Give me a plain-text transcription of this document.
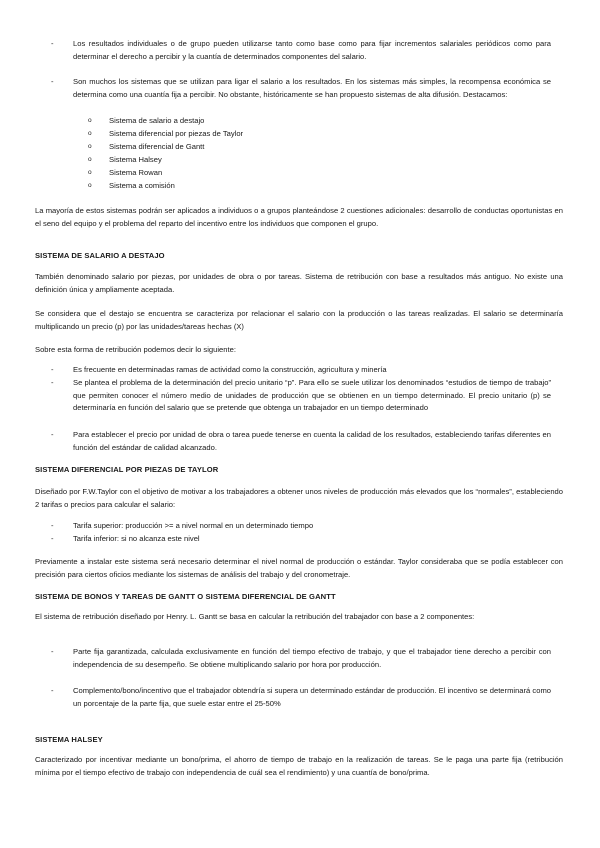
-	Los resultados individuales o de grupo pueden utilizarse tanto como base como para fijar incrementos salariales periódicos como para determinar el derecho a percibir y la cuantía de determinados componentes del salario.
-	Son muchos los sistemas que se utilizan para ligar el salario a los resultados. En los sistemas más simples, la recompensa económica se determina como una cuantía fija a percibir. No obstante, históricamente se han propuesto sistemas de alta difusión. Destacamos:
o Sistema de salario a destajo
o Sistema diferencial por piezas de Taylor
o Sistema diferencial de Gantt
o Sistema Halsey
o Sistema Rowan
o Sistema a comisión
La mayoría de estos sistemas podrán ser aplicados a individuos o a grupos planteándose 2 cuestiones adicionales: desarrollo de conductas oportunistas en el seno del equipo y el problema del reparto del incentivo entre los individuos que componen el grupo.
SISTEMA DE SALARIO A DESTAJO
También denominado salario por piezas, por unidades de obra o por tareas. Sistema de retribución con base a resultados más antiguo. No existe una definición única y ampliamente aceptada.
Se considera que el destajo se encuentra se caracteriza por relacionar el salario con la producción o las tareas realizadas. El salario se determinaría multiplicando un precio (p) por las unidades/tareas hechas (X)
Sobre esta forma de retribución podemos decir lo siguiente:
-	Es frecuente en determinadas ramas de actividad como la construcción, agricultura y minería
-	Se plantea el problema de la determinación del precio unitario “p”. Para ello se suele utilizar los denominados “estudios de tiempo de trabajo” que permiten conocer el número medio de unidades de producción que se obtienen en un tiempo determinado. El precio unitario (p) se determinaría en función del salario que se pretende que obtenga un trabajador en un tiempo determinado
-	Para establecer el precio por unidad de obra o tarea puede tenerse en cuenta la calidad de los resultados, estableciendo tarifas diferentes en función del estándar de calidad alcanzado.
SISTEMA DIFERENCIAL POR PIEZAS DE TAYLOR
Diseñado por F.W.Taylor con el objetivo de motivar a los trabajadores a obtener unos niveles de producción más elevados que los “normales”, estableciendo 2 tarifas o precios para calcular el salario:
-	Tarifa superior: producción >= a nivel normal en un determinado tiempo
-	Tarifa inferior: si no alcanza este nivel
Previamente a instalar este sistema será necesario determinar el nivel normal de producción o estándar. Taylor consideraba que se podía establecer con precisión para ciertos oficios mediante los sistemas de análisis del trabajo y del cronometraje.
SISTEMA DE BONOS Y TAREAS DE GANTT O SISTEMA DIFERENCIAL DE GANTT
El sistema de retribución diseñado por Henry. L. Gantt se basa en calcular la retribución del trabajador con base a 2 componentes:
-	Parte fija garantizada, calculada exclusivamente en función del tiempo efectivo de trabajo, y que el trabajador tiene derecho a percibir con independencia de su desempeño. Se obtiene multiplicando salario por hora por producción.
-	Complemento/bono/incentivo que el trabajador obtendría si supera un determinado estándar de producción. El incentivo se determinará como un porcentaje de la parte fija, que suele estar entre el 25-50%
SISTEMA HALSEY
Caracterizado por incentivar mediante un bono/prima, el ahorro de tiempo de trabajo en la realización de tareas. Se le paga una parte fija (retribución mínima por el tiempo efectivo de trabajo con independencia de cuál sea el rendimiento) y una cuantía de bono/prima.
